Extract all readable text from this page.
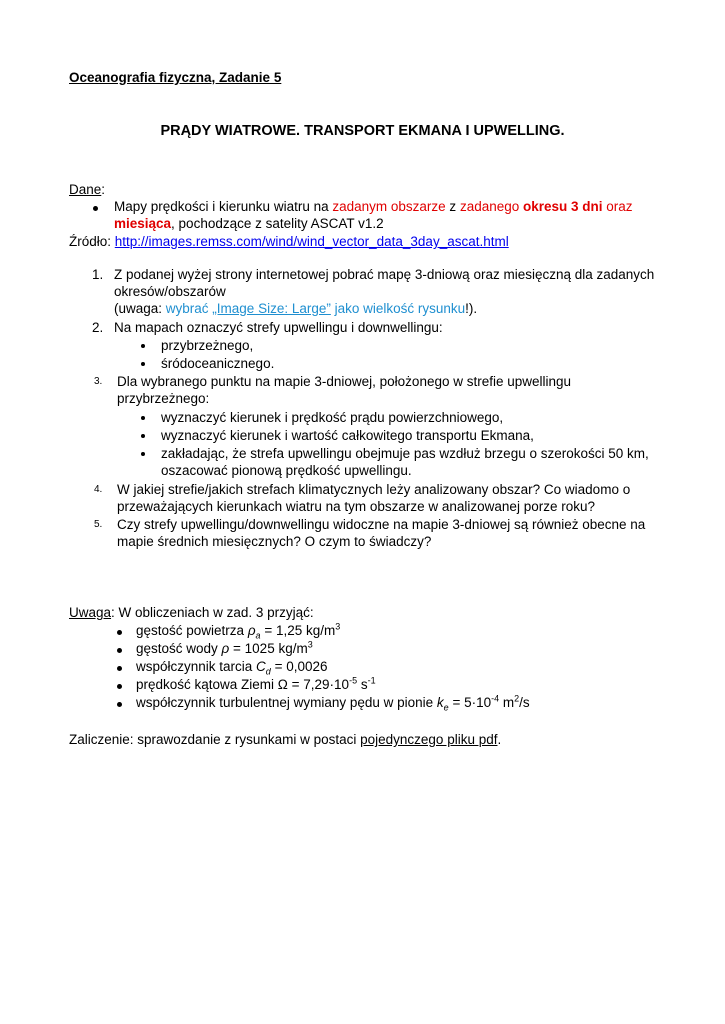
Oceanografia fizyczna, Zadanie 5
PRĄDY WIATROWE. TRANSPORT EKMANA I UPWELLING.
Dane:
Mapy prędkości i kierunku wiatru na zadanym obszarze z zadanego okresu 3 dni oraz
miesiąca, pochodzące z satelity ASCAT v1.2
Źródło: http://images.remss.com/wind/wind_vector_data_3day_ascat.html
1. Z podanej wyżej strony internetowej pobrać mapę 3-dniową oraz miesięczną dla zadanych
okresów/obszarów
(uwaga: wybrać „Image Size: Large” jako wielkość rysunku!).
2. Na mapach oznaczyć strefy upwellingu i downwellingu:
przybrzeżnego,
śródoceanicznego.
3. Dla wybranego punktu na mapie 3-dniowej, położonego w strefie upwellingu
przybrzeżnego:
wyznaczyć kierunek i prędkość prądu powierzchniowego,
wyznaczyć kierunek i wartość całkowitego transportu Ekmana,
zakładając, że strefa upwellingu obejmuje pas wzdłuż brzegu o szerokości 50 km,
oszacować pionową prędkość upwellingu.
4. W jakiej strefie/jakich strefach klimatycznych leży analizowany obszar? Co wiadomo o
przeważających kierunkach wiatru na tym obszarze w analizowanej porze roku?
5. Czy strefy upwellingu/downwellingu widoczne na mapie 3-dniowej są również obecne na
mapie średnich miesięcznych? O czym to świadczy?
Uwaga: W obliczeniach w zad. 3 przyjąć:
gęstość powietrza $\rho_a = 1,25$ $kg/m^3$
gęstość wody ρ = 1025 $kg/m^3$
współczynnik tarcia $C_d = 0,0026$
prędkość kątowa Ziemi $\Omega = 7,29\cdot 10^{-5}$ $s^{-1}$
współczynnik turbulentnej wymiany pędu w pionie $k_e = 5\cdot 10^{-4}$ $m^2/s$
Zaliczenie: sprawozdanie z rysunkami w postaci pojedynczego pliku pdf.
